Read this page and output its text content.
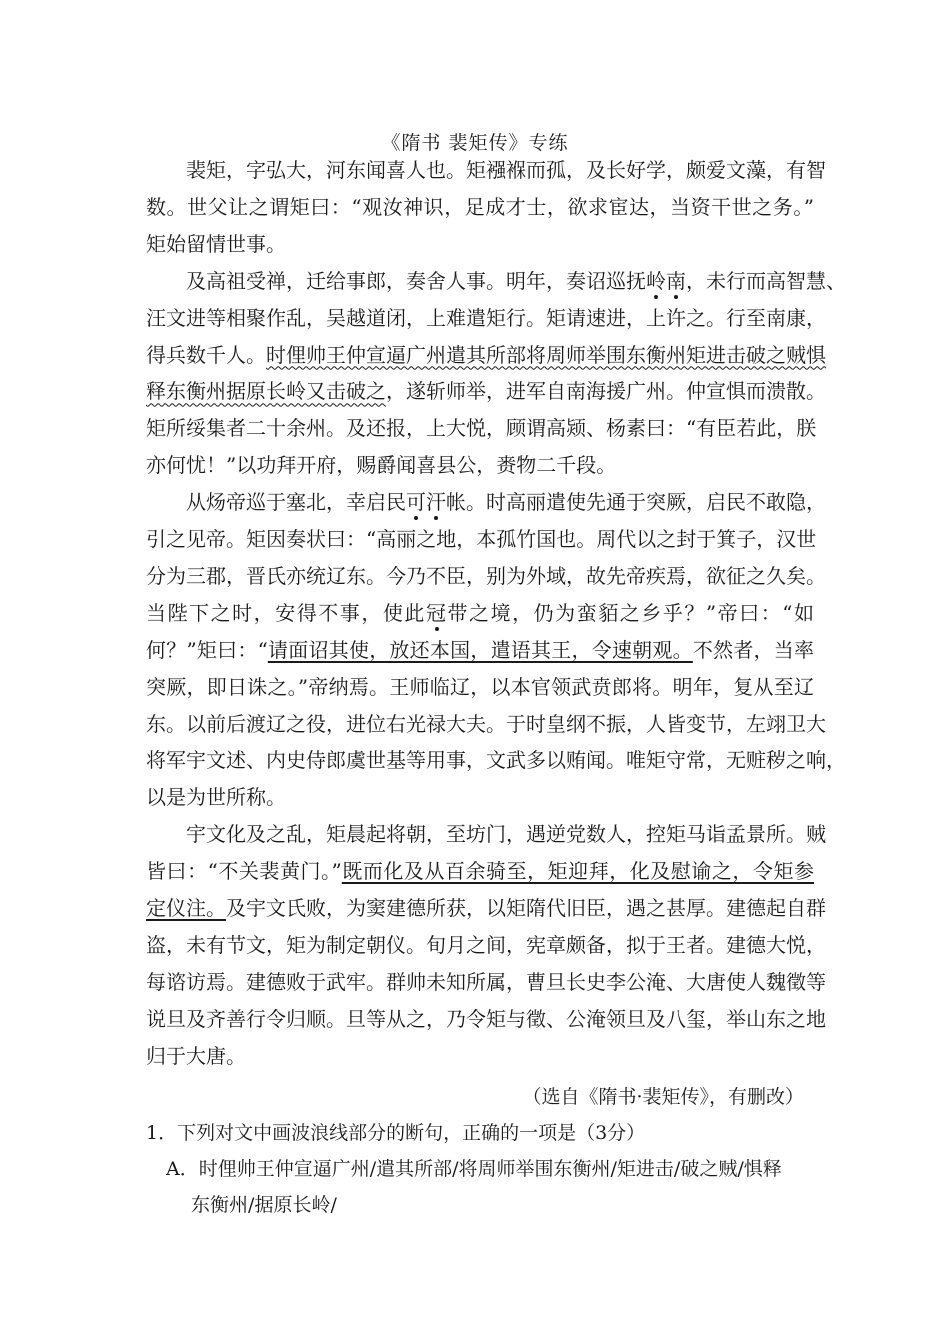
《隋书 裴矩传》专练
　　裴矩，字弘大，河东闻喜人也。矩襁褓而孤，及长好学，颇爱文藻，有智
数。世父让之谓矩曰：“观汝神识，足成才士，欲求宦达，当资干世之务。”
矩始留情世事。
　　及高祖受禅，迁给事郎，奏舍人事。明年，奏诏巡抚岭南，未行而高智慧、
汪文进等相聚作乱，吴越道闭，上难遣矩行。矩请速进，上许之。行至南康，
得兵数千人。时俚帅王仲宣逼广州遣其所部将周师举围东衡州矩进击破之贼惧
释东衡州据原长岭又击破之，遂斩师举，进军自南海援广州。仲宣惧而溃散。
矩所绥集者二十余州。及还报，上大悦，顾谓高颎、杨素曰：“有臣若此，朕
亦何忧！”以功拜开府，赐爵闻喜县公，赉物二千段。
　　从炀帝巡于塞北，幸启民可汗帐。时高丽遣使先通于突厥，启民不敢隐，
引之见帝。矩因奏状曰：“高丽之地，本孤竹国也。周代以之封于箕子，汉世
分为三郡，晋氏亦统辽东。今乃不臣，别为外域，故先帝疾焉，欲征之久矣。
当陛下之时，安得不事，使此冠带之境，仍为蛮貊之乡乎？”帝曰：“如
何？”矩曰：“请面诏其使，放还本国，遣语其王，令速朝观。不然者，当率
突厥，即日诛之。”帝纳焉。王师临辽，以本官领武贲郎将。明年，复从至辽
东。以前后渡辽之役，进位右光禄大夫。于时皇纲不振，人皆变节，左翊卫大
将军宇文述、内史侍郎虞世基等用事，文武多以贿闻。唯矩守常，无赃秽之响，
以是为世所称。
　　宇文化及之乱，矩晨起将朝，至坊门，遇逆党数人，控矩马诣孟景所。贼
皆曰：“不关裴黄门。”既而化及从百余骑至，矩迎拜，化及慰谕之，令矩参
定仪注。及宇文氏败，为窦建德所获，以矩隋代旧臣，遇之甚厚。建德起自群
盗，未有节文，矩为制定朝仪。旬月之间，宪章颇备，拟于王者。建德大悦，
每谘访焉。建德败于武牢。群帅未知所属，曹旦长史李公淹、大唐使人魏徵等
说旦及齐善行令归顺。旦等从之，乃令矩与徵、公淹领旦及八玺，举山东之地
归于大唐。
（选自《隋书·裴矩传》，有删改）
1．下列对文中画波浪线部分的断句，正确的一项是（3分）
A．时俚帅王仲宣逼广州/遣其所部/将周师举围东衡州/矩进击/破之贼/惧释
　 东衡州/据原长岭/
